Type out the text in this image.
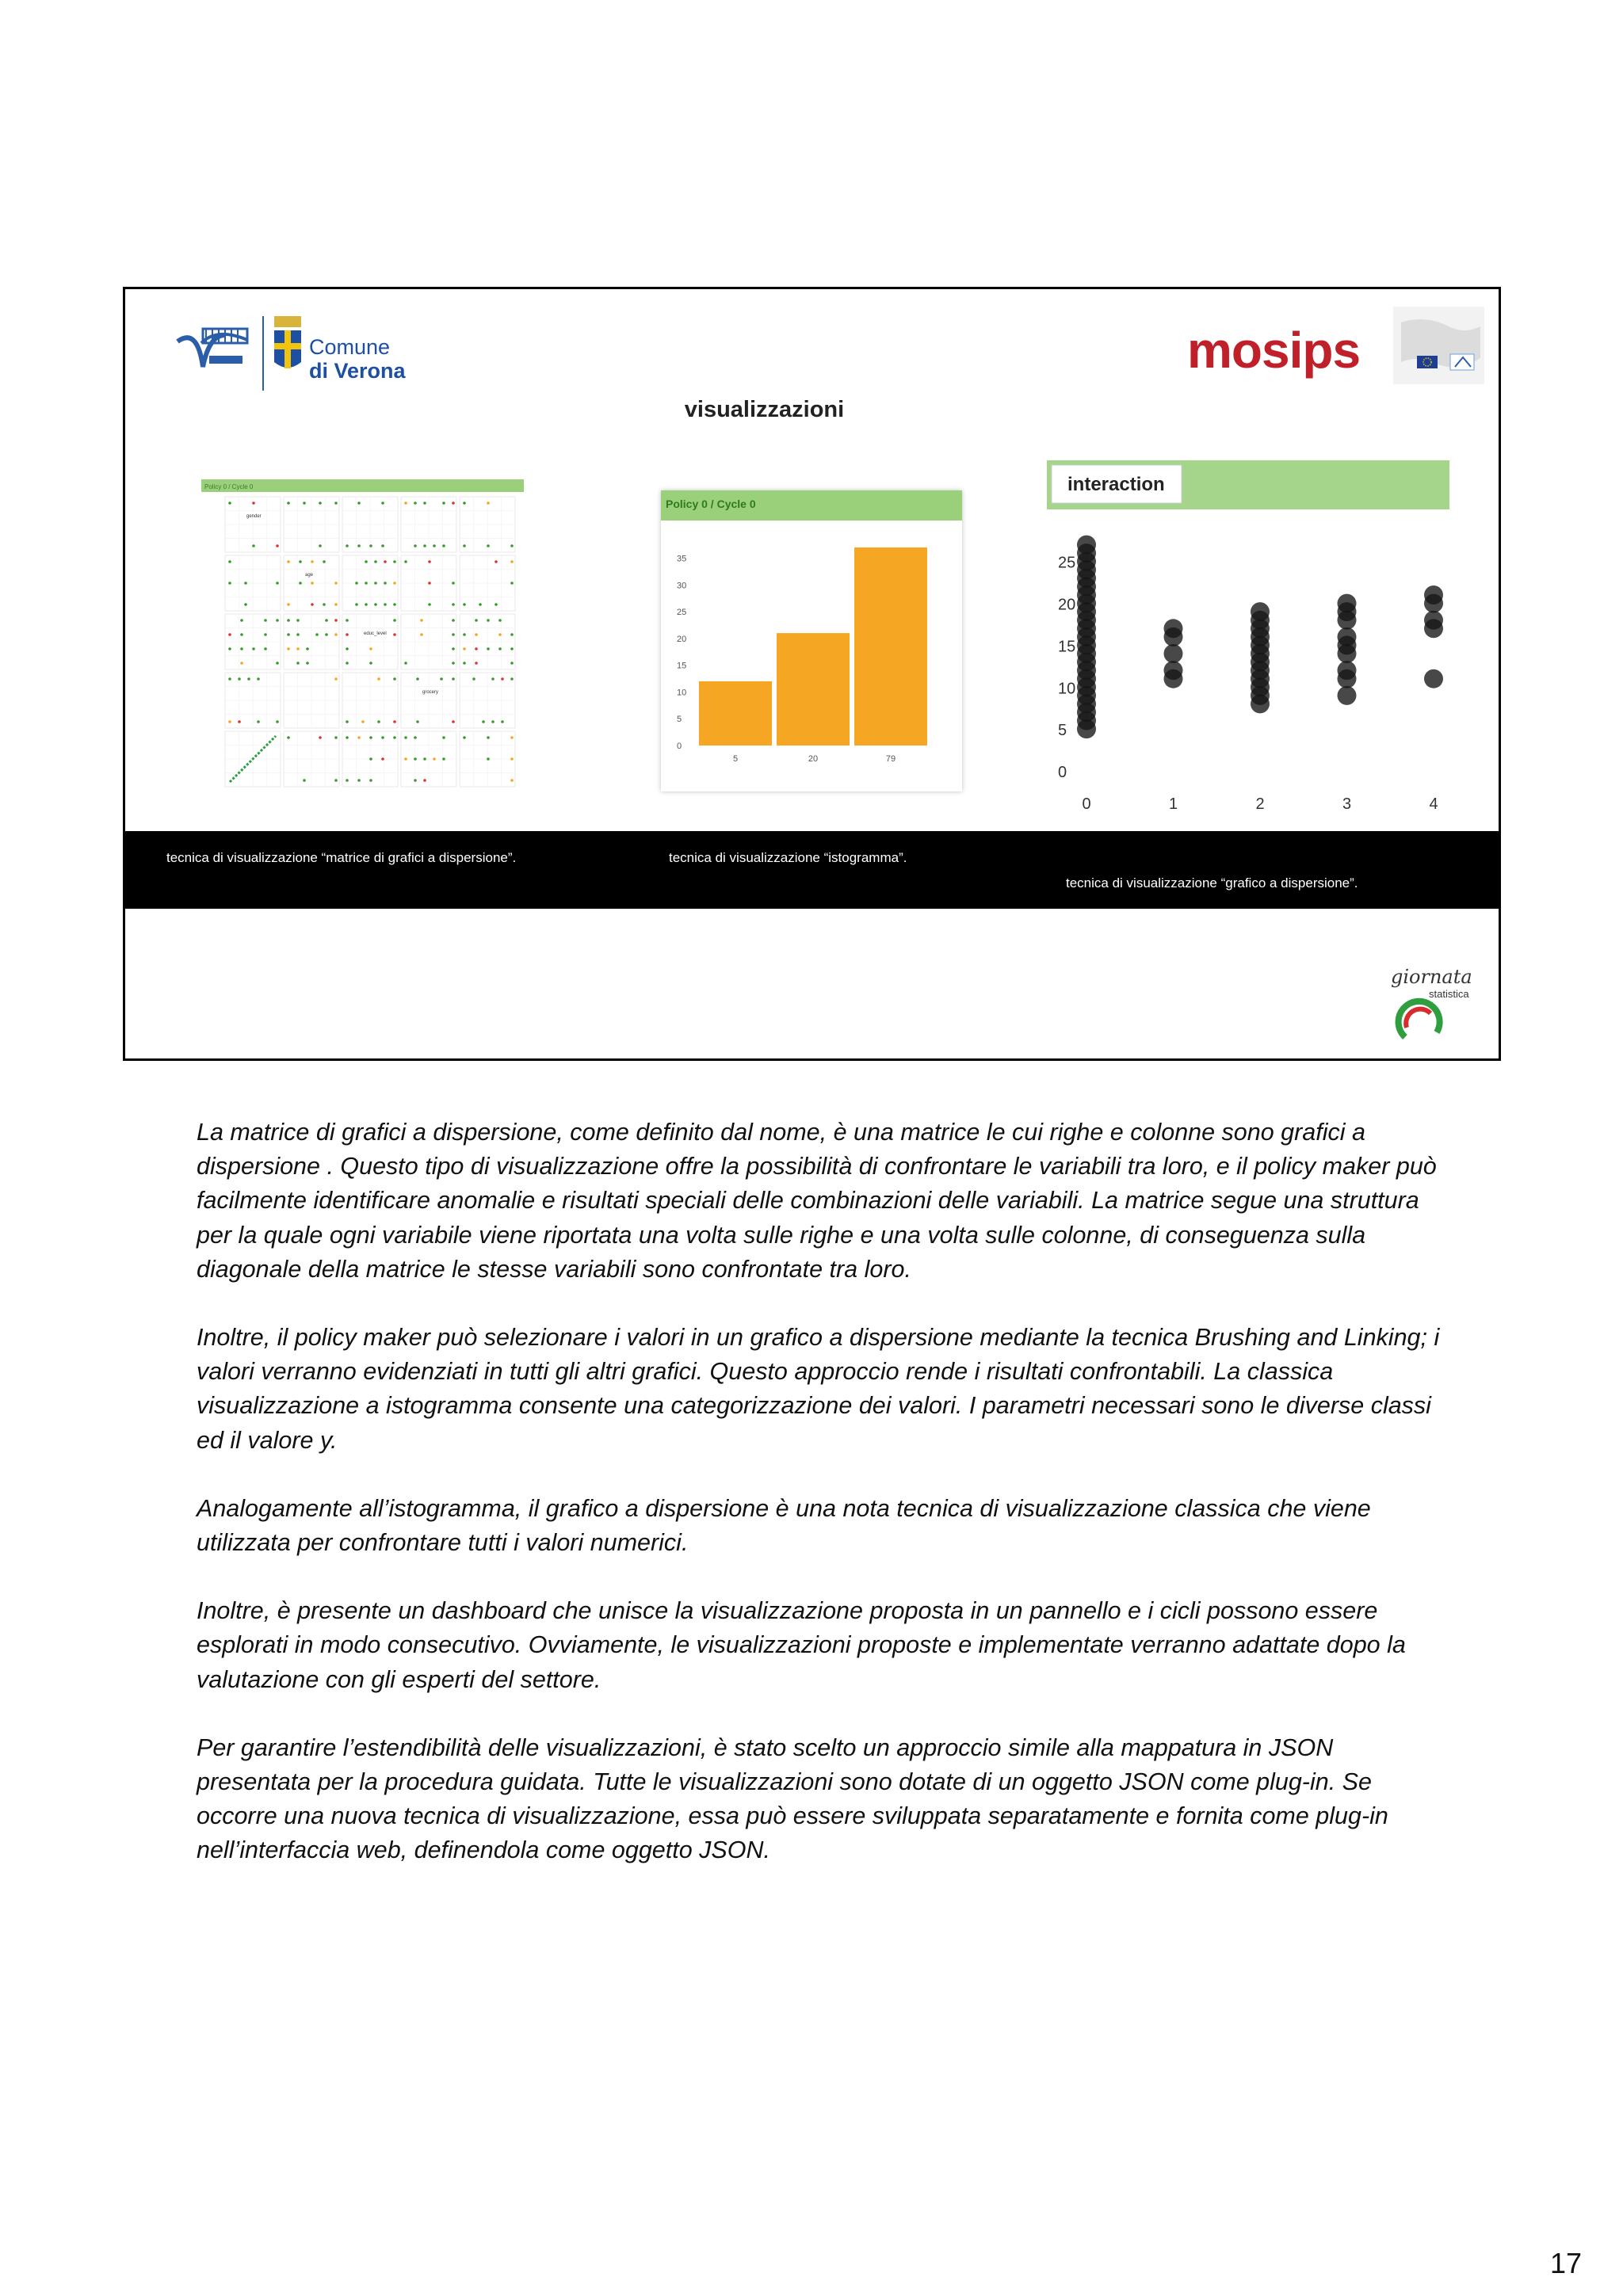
Comune
di Verona	mosips
visualizzazioni
Policy 0 / Cycle 0
gender
age
educ_level
grocery
Policy 0 / Cycle 0
0
5
10
15
20
25
30
35
5	20	79
interaction
0
5
10
15
20
25
0	1	2	3	4
tecnica di visualizzazione “matrice di grafici a dispersione”.	tecnica di visualizzazione “istogramma”.
tecnica di visualizzazione “grafico a dispersione”.
giornata
statistica

La matrice di grafici a dispersione, come definito dal nome, è una matrice le cui righe e colonne sono grafici a dispersione . Questo tipo di visualizzazione offre la possibilità di confrontare le variabili tra loro, e il policy maker può facilmente identificare anomalie e risultati speciali delle combinazioni delle variabili. La matrice segue una struttura per la quale ogni variabile viene riportata una volta sulle righe e una volta sulle colonne, di conseguenza sulla diagonale della matrice le stesse variabili sono confrontate tra loro.

Inoltre, il policy maker può selezionare i valori in un grafico a dispersione mediante la tecnica Brushing and Linking; i valori verranno evidenziati in tutti gli altri grafici. Questo approccio rende i risultati confrontabili. La classica visualizzazione a istogramma consente una categorizzazione dei valori. I parametri necessari sono le diverse classi ed il valore y.

Analogamente all’istogramma, il grafico a dispersione è una nota tecnica di visualizzazione classica che viene utilizzata per confrontare tutti i valori numerici.

Inoltre, è presente un dashboard che unisce la visualizzazione proposta in un pannello e i cicli possono essere esplorati in modo consecutivo. Ovviamente, le visualizzazioni proposte e implementate verranno adattate dopo la valutazione con gli esperti del settore.

Per garantire l’estendibilità delle visualizzazioni, è stato scelto un approccio simile alla mappatura in JSON presentata per la procedura guidata. Tutte le visualizzazioni sono dotate di un oggetto JSON come plug-in. Se occorre una nuova tecnica di visualizzazione, essa può essere sviluppata separatamente e fornita come plug-in nell’interfaccia web, definendola come oggetto JSON.

17
